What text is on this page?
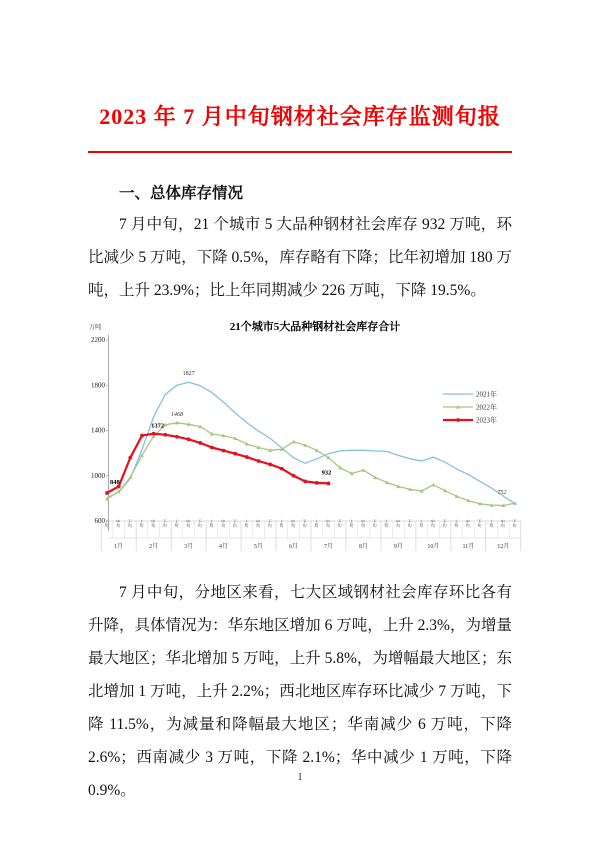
2023 年 7 月中旬钢材社会库存监测旬报
一、总体库存情况

7 月中旬，21 个城市 5 大品种钢材社会库存 932 万吨，环比减少 5 万吨，下降 0.5%，库存略有下降；比年初增加 180 万吨，上升 23.9%；比上年同期减少 226 万吨，下降 19.5%。

21个城市5大品种钢材社会库存合计
万吨
600
1000
1400
1800
2200
上旬 中旬 下旬 上旬 中旬 下旬 上旬 中旬 下旬 上旬 中旬 下旬 上旬 中旬 下旬 上旬 中旬 下旬 上旬 中旬 下旬 上旬 中旬 下旬 上旬 中旬 下旬 上旬 中旬 下旬 上旬 中旬 下旬 上旬 中旬 下旬
1月	2月	3月	4月	5月	6月	7月	8月	9月	10月	11月	12月
2021年
2022年
2023年
848
1372
932
1468
1827
752

7 月中旬，分地区来看，七大区域钢材社会库存环比各有升降，具体情况为：华东地区增加 6 万吨，上升 2.3%，为增量最大地区；华北增加 5 万吨，上升 5.8%，为增幅最大地区；东北增加 1 万吨，上升 2.2%；西北地区库存环比减少 7 万吨，下降 11.5%，为减量和降幅最大地区；华南减少 6 万吨，下降 2.6%；西南减少 3 万吨，下降 2.1%；华中减少 1 万吨，下降 0.9%。

1
